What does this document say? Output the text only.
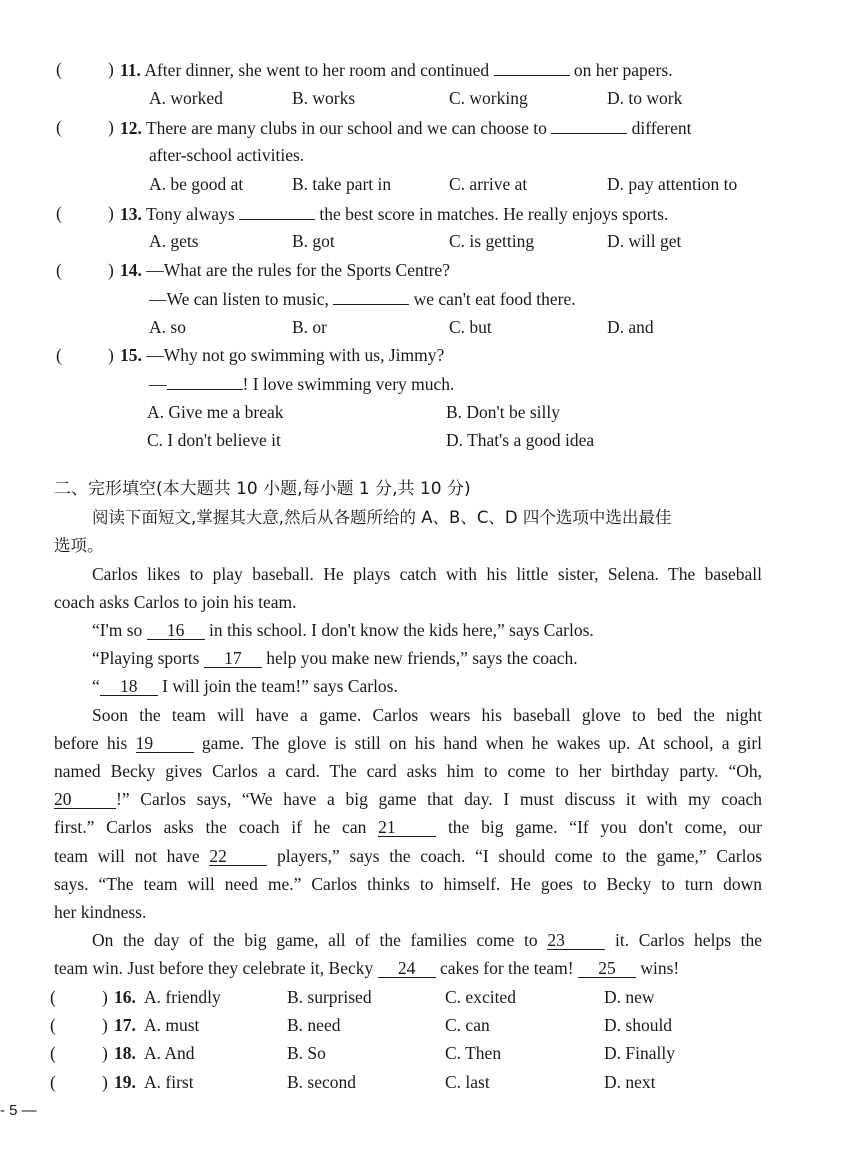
(	) 11. After dinner, she went to her room and continued	on her papers.
A. worked	B. works	C. working	D. to work
(	) 12. There are many clubs in our school and we can choose to	different
after-school activities.
A. be good at	B. take part in	C. arrive at	D. pay attention to
(	) 13. Tony always	the best score in matches. He really enjoys sports.
A. gets	B. got	C. is getting	D. will get
(	) 14. —What are the rules for the Sports Centre?
—We can listen to music,	we can't eat food there.
A. so	B. or	C. but	D. and
(	) 15. —Why not go swimming with us, Jimmy?
—	! I love swimming very much.
A. Give me a break	B. Don't be silly
C. I don't believe it	D. That's a good idea
二、完形填空(本大题共 10 小题,每小题 1 分,共 10 分)
阅读下面短文,掌握其大意,然后从各题所给的 A、B、C、D 四个选项中选出最佳
选项。
Carlos likes to play baseball. He plays catch with his little sister, Selena. The baseball
coach asks Carlos to join his team.
“I'm so 16 in this school. I don't know the kids here,” says Carlos.
“Playing sports 17 help you make new friends,” says the coach.
“ 18 I will join the team!” says Carlos.
Soon the team will have a game. Carlos wears his baseball glove to bed the night
before his 19	game. The glove is still on his hand when he wakes up. At school, a girl
named Becky gives Carlos a card. The card asks him to come to her birthday party. “Oh,
20	!” Carlos says, “We have a big game that day. I must discuss it with my coach
first.” Carlos asks the coach if he can 21	the big game. “If you don't come, our
team will not have 22	players,” says the coach. “I should come to the game,” Carlos
says. “The team will need me.” Carlos thinks to himself. He goes to Becky to turn down
her kindness.
On the day of the big game, all of the families come to 23	it. Carlos helps the
team win. Just before they celebrate it, Becky 24 cakes for the team! 25 wins!
(	) 16. A. friendly	B. surprised	C. excited	D. new
(	) 17. A. must	B. need	C. can	D. should
(	) 18. A. And	B. So	C. Then	D. Finally
(	) 19. A. first	B. second	C. last	D. next
- 5 —
